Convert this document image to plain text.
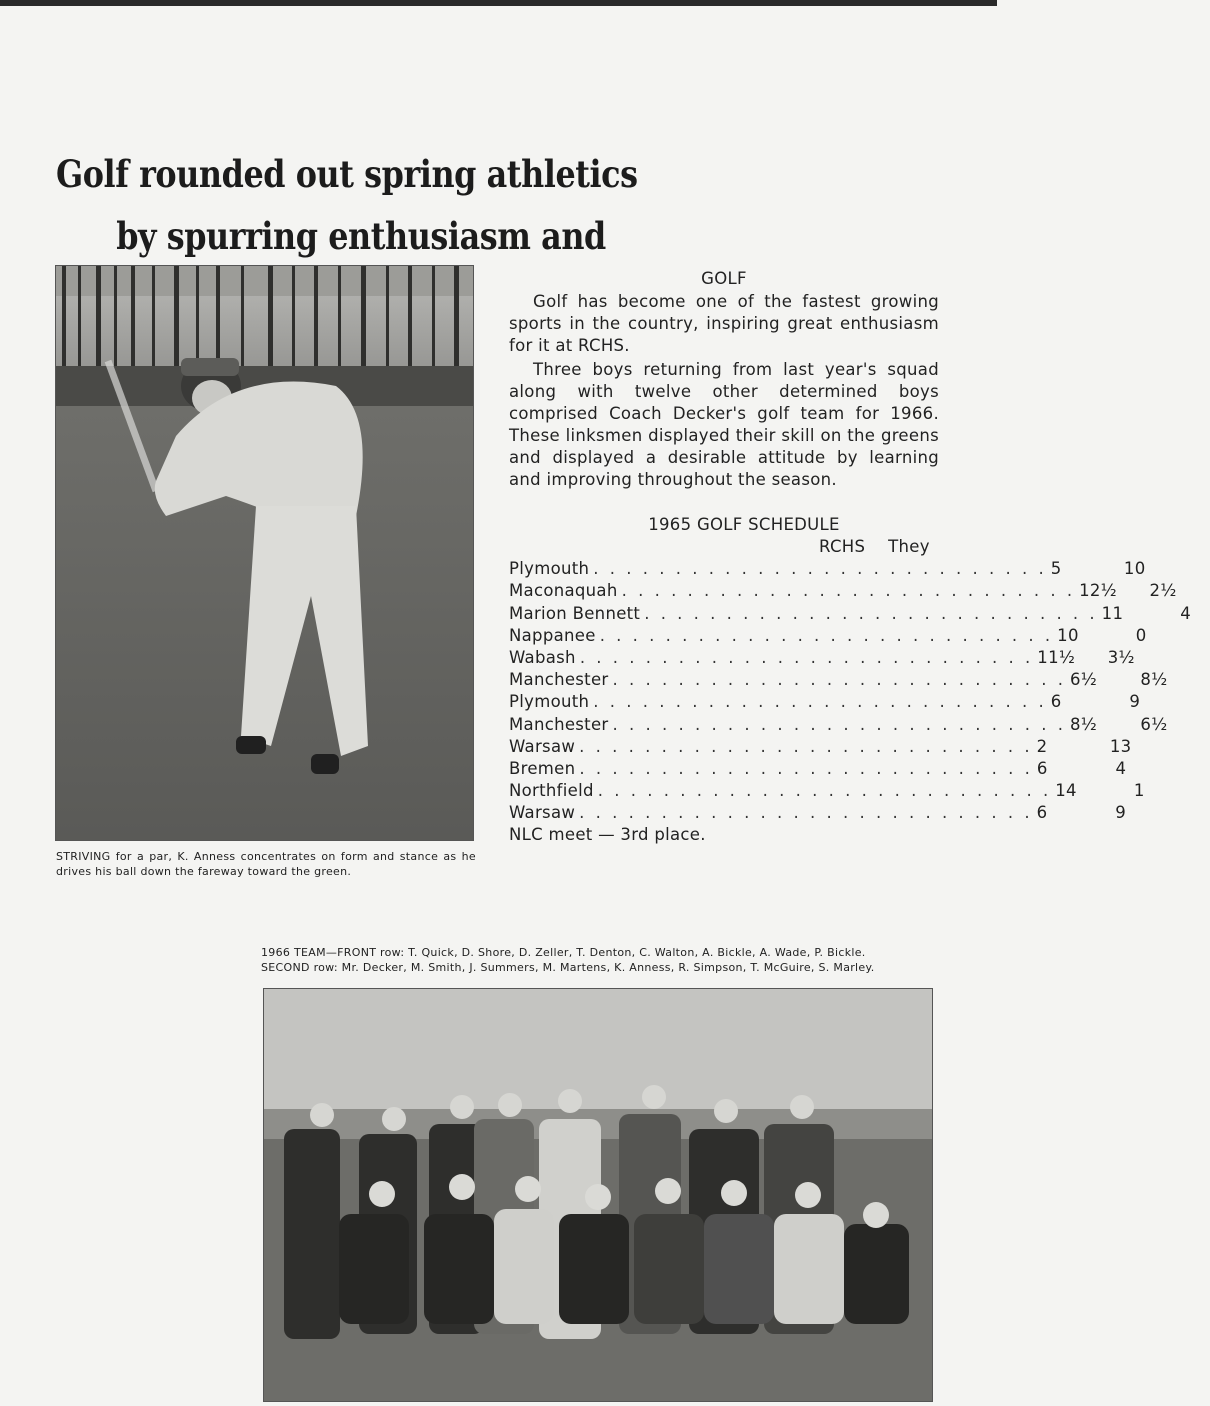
Golf rounded out spring athletics
by spurring enthusiasm and
STRIVING for a par, K. Anness concentrates on form and stance as he drives his ball down the fareway toward the green.
GOLF

Golf has become one of the fastest growing sports in the country, inspiring great enthusiasm for it at RCHS.

Three boys returning from last year's squad along with twelve other determined boys comprised Coach Decker's golf team for 1966. These linksmen displayed their skill on the greens and displayed a desirable attitude by learning and improving throughout the season.

1965 GOLF SCHEDULE
RCHS	They
Plymouth . . . . . . . . . . . . . . . . . . . . . . . . . . . . 5	10
Maconaquah . . . . . . . . . . . . . . . . . . . . . . . . . . . . 12½	2½
Marion Bennett . . . . . . . . . . . . . . . . . . . . . . . . . . . . 11	4
Nappanee . . . . . . . . . . . . . . . . . . . . . . . . . . . . 10	0
Wabash . . . . . . . . . . . . . . . . . . . . . . . . . . . . 11½	3½
Manchester . . . . . . . . . . . . . . . . . . . . . . . . . . . . 6½	8½
Plymouth . . . . . . . . . . . . . . . . . . . . . . . . . . . . 6	9
Manchester . . . . . . . . . . . . . . . . . . . . . . . . . . . . 8½	6½
Warsaw . . . . . . . . . . . . . . . . . . . . . . . . . . . . 2	13
Bremen . . . . . . . . . . . . . . . . . . . . . . . . . . . . 6	4
Northfield . . . . . . . . . . . . . . . . . . . . . . . . . . . . 14	1
Warsaw . . . . . . . . . . . . . . . . . . . . . . . . . . . . 6	9
NLC meet — 3rd place.
1966 TEAM—FRONT row: T. Quick, D. Shore, D. Zeller, T. Denton, C. Walton, A. Bickle, A. Wade, P. Bickle.
SECOND row: Mr. Decker, M. Smith, J. Summers, M. Martens, K. Anness, R. Simpson, T. McGuire, S. Marley.
